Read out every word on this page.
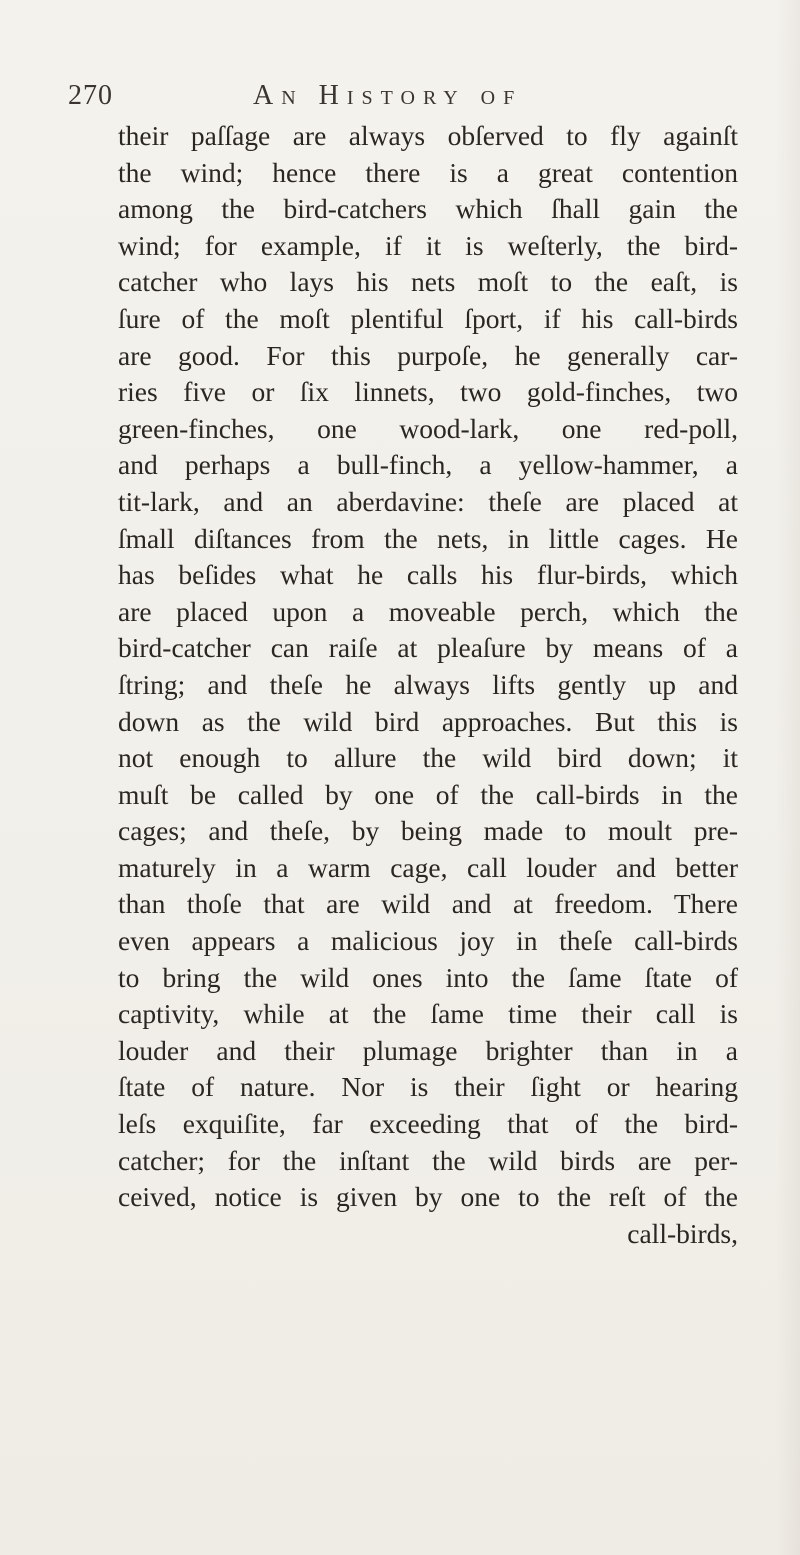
270	An History of
their paſſage are always obſerved to fly againſt
the wind; hence there is a great contention
among the bird-catchers which ſhall gain the
wind; for example, if it is weſterly, the bird-
catcher who lays his nets moſt to the eaſt, is
ſure of the moſt plentiful ſport, if his call-birds
are good. For this purpoſe, he generally car-
ries five or ſix linnets, two gold-finches, two
green-finches, one wood-lark, one red-poll,
and perhaps a bull-finch, a yellow-hammer, a
tit-lark, and an aberdavine: theſe are placed at
ſmall diſtances from the nets, in little cages. He
has beſides what he calls his flur-birds, which
are placed upon a moveable perch, which the
bird-catcher can raiſe at pleaſure by means of a
ſtring; and theſe he always lifts gently up and
down as the wild bird approaches. But this is
not enough to allure the wild bird down; it
muſt be called by one of the call-birds in the
cages; and theſe, by being made to moult pre-
maturely in a warm cage, call louder and better
than thoſe that are wild and at freedom. There
even appears a malicious joy in theſe call-birds
to bring the wild ones into the ſame ſtate of
captivity, while at the ſame time their call is
louder and their plumage brighter than in a
ſtate of nature. Nor is their ſight or hearing
leſs exquiſite, far exceeding that of the bird-
catcher; for the inſtant the wild birds are per-
ceived, notice is given by one to the reſt of the
call-birds,
